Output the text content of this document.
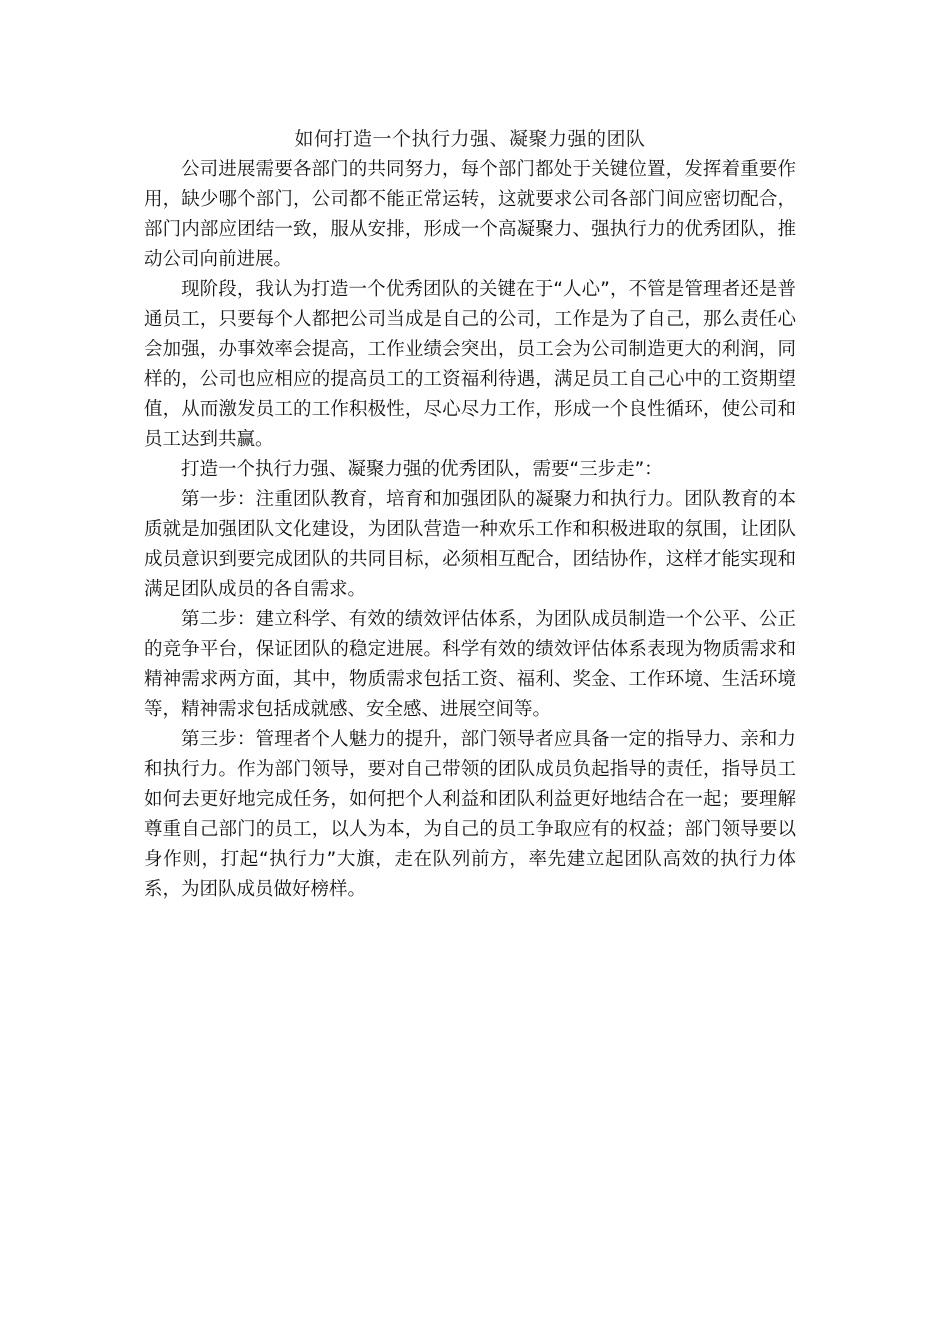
如何打造一个执行力强、凝聚力强的团队

公司进展需要各部门的共同努力，每个部门都处于关键位置，发挥着重要作用，缺少哪个部门，公司都不能正常运转，这就要求公司各部门间应密切配合，部门内部应团结一致，服从安排，形成一个高凝聚力、强执行力的优秀团队，推动公司向前进展。

现阶段，我认为打造一个优秀团队的关键在于“人心”，不管是管理者还是普通员工，只要每个人都把公司当成是自己的公司，工作是为了自己，那么责任心会加强，办事效率会提高，工作业绩会突出，员工会为公司制造更大的利润，同样的，公司也应相应的提高员工的工资福利待遇，满足员工自己心中的工资期望值，从而激发员工的工作积极性，尽心尽力工作，形成一个良性循环，使公司和员工达到共赢。

打造一个执行力强、凝聚力强的优秀团队，需要“三步走”：

第一步：注重团队教育，培育和加强团队的凝聚力和执行力。团队教育的本质就是加强团队文化建设，为团队营造一种欢乐工作和积极进取的氛围，让团队成员意识到要完成团队的共同目标，必须相互配合，团结协作，这样才能实现和满足团队成员的各自需求。

第二步：建立科学、有效的绩效评估体系，为团队成员制造一个公平、公正的竞争平台，保证团队的稳定进展。科学有效的绩效评估体系表现为物质需求和精神需求两方面，其中，物质需求包括工资、福利、奖金、工作环境、生活环境等，精神需求包括成就感、安全感、进展空间等。

第三步：管理者个人魅力的提升，部门领导者应具备一定的指导力、亲和力和执行力。作为部门领导，要对自己带领的团队成员负起指导的责任，指导员工如何去更好地完成任务，如何把个人利益和团队利益更好地结合在一起；要理解尊重自己部门的员工，以人为本，为自己的员工争取应有的权益；部门领导要以身作则，打起“执行力”大旗，走在队列前方，率先建立起团队高效的执行力体系，为团队成员做好榜样。
